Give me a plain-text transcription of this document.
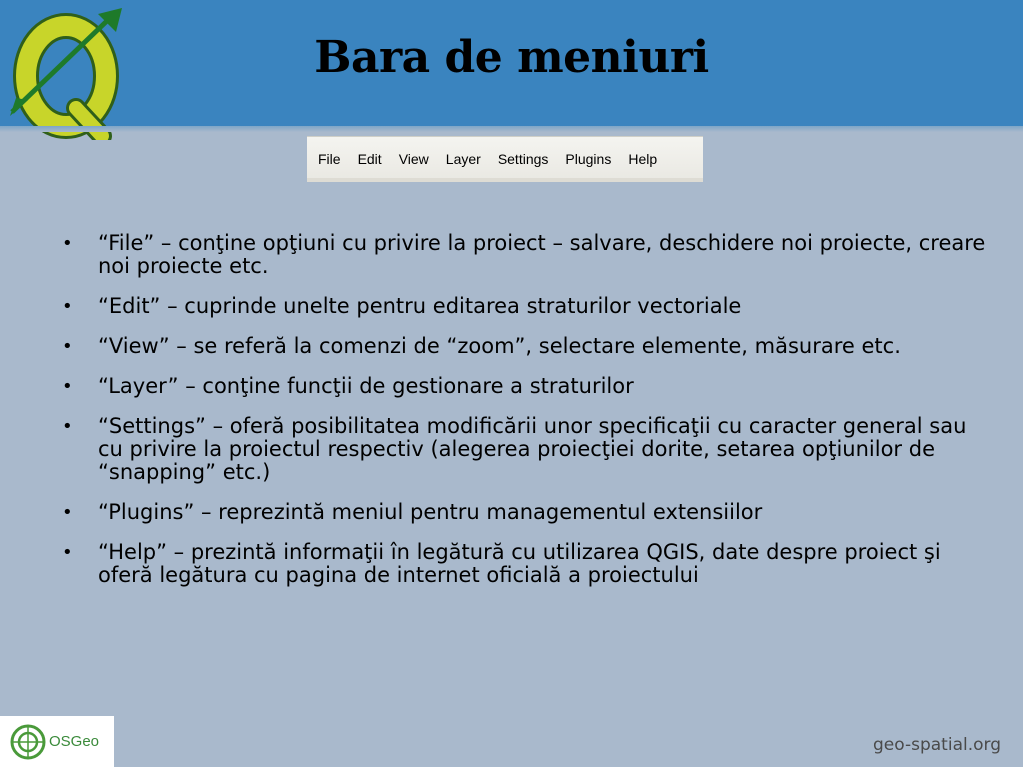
Bara de meniuri
File Edit View Layer Settings Plugins Help
• “File” – conţine opţiuni cu privire la proiect – salvare, deschidere noi proiecte, creare noi proiecte etc.
• “Edit” – cuprinde unelte pentru editarea straturilor vectoriale
• “View” – se referă la comenzi de “zoom”, selectare elemente, măsurare etc.
• “Layer” – conţine funcţii de gestionare a straturilor
• “Settings” – oferă posibilitatea modificării unor specificaţii cu caracter general sau cu privire la proiectul respectiv (alegerea proiecţiei dorite, setarea opţiunilor de “snapping” etc.)
• “Plugins” – reprezintă meniul pentru managementul extensiilor
• “Help” – prezintă informaţii în legătură cu utilizarea QGIS, date despre proiect şi oferă legătura cu pagina de internet oficială a proiectului
OSGeo	geo-spatial.org
